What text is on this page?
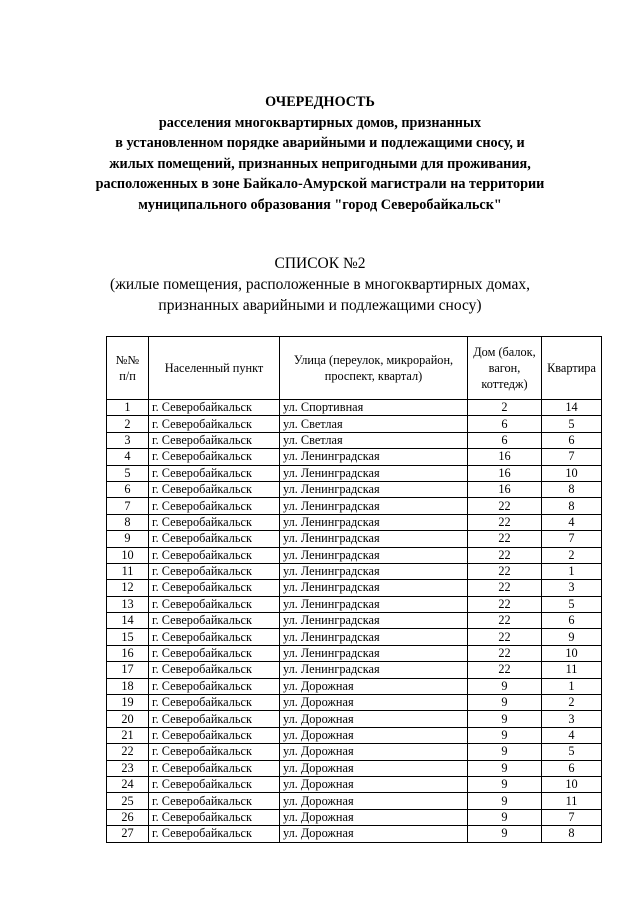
ОЧЕРЕДНОСТЬ
расселения многоквартирных домов, признанных
в установленном порядке аварийными и подлежащими сносу, и
жилых помещений, признанных непригодными для проживания,
расположенных в зоне Байкало-Амурской магистрали на территории
муниципального образования "город Северобайкальск"
СПИСОК №2
(жилые помещения, расположенные в многоквартирных домах,
признанных аварийными и подлежащими сносу)
№№ п/п	Населенный пункт	Улица (переулок, микрорайон, проспект, квартал)	Дом (балок, вагон, коттедж)	Квартира
1	г. Северобайкальск	ул. Спортивная	2	14
2	г. Северобайкальск	ул. Светлая	6	5
3	г. Северобайкальск	ул. Светлая	6	6
4	г. Северобайкальск	ул. Ленинградская	16	7
5	г. Северобайкальск	ул. Ленинградская	16	10
6	г. Северобайкальск	ул. Ленинградская	16	8
7	г. Северобайкальск	ул. Ленинградская	22	8
8	г. Северобайкальск	ул. Ленинградская	22	4
9	г. Северобайкальск	ул. Ленинградская	22	7
10	г. Северобайкальск	ул. Ленинградская	22	2
11	г. Северобайкальск	ул. Ленинградская	22	1
12	г. Северобайкальск	ул. Ленинградская	22	3
13	г. Северобайкальск	ул. Ленинградская	22	5
14	г. Северобайкальск	ул. Ленинградская	22	6
15	г. Северобайкальск	ул. Ленинградская	22	9
16	г. Северобайкальск	ул. Ленинградская	22	10
17	г. Северобайкальск	ул. Ленинградская	22	11
18	г. Северобайкальск	ул. Дорожная	9	1
19	г. Северобайкальск	ул. Дорожная	9	2
20	г. Северобайкальск	ул. Дорожная	9	3
21	г. Северобайкальск	ул. Дорожная	9	4
22	г. Северобайкальск	ул. Дорожная	9	5
23	г. Северобайкальск	ул. Дорожная	9	6
24	г. Северобайкальск	ул. Дорожная	9	10
25	г. Северобайкальск	ул. Дорожная	9	11
26	г. Северобайкальск	ул. Дорожная	9	7
27	г. Северобайкальск	ул. Дорожная	9	8
